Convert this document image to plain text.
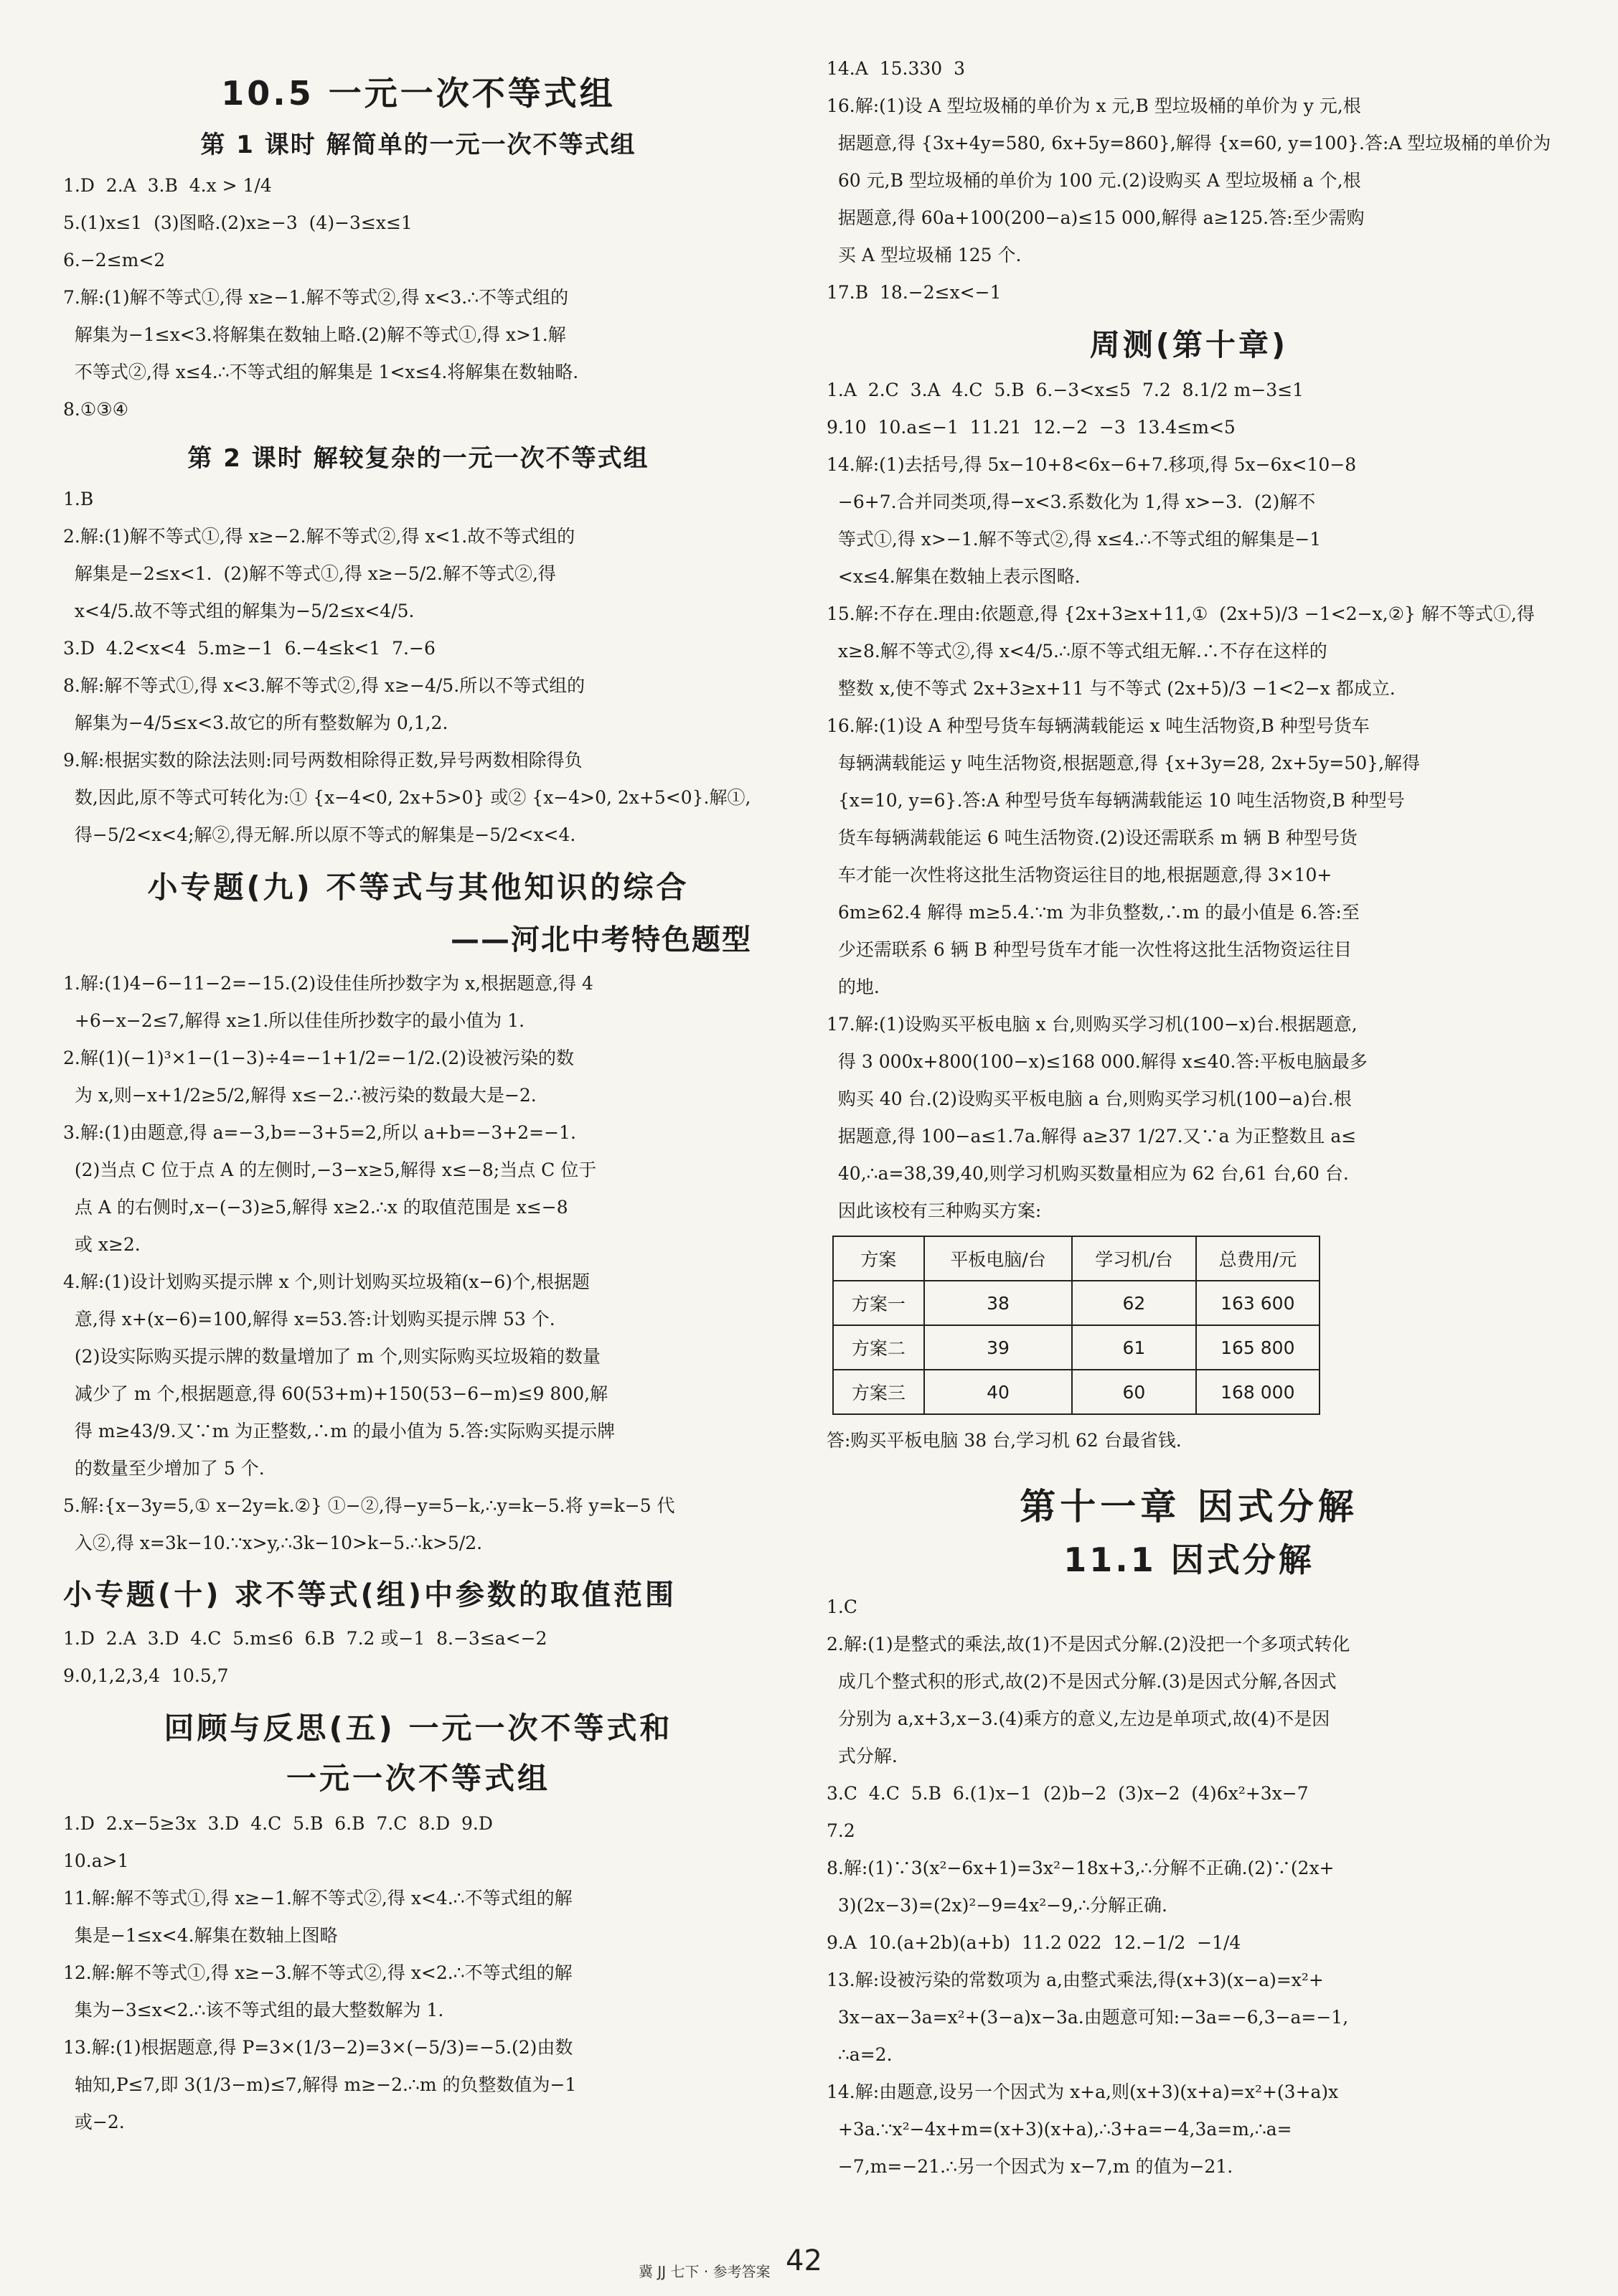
10.5 一元一次不等式组
第 1 课时 解简单的一元一次不等式组
1.D  2.A  3.B  4.x > 1/4
5.(1)x≤1  (3)图略.(2)x≥−3  (4)−3≤x≤1
6.−2≤m<2
7.解:(1)解不等式①,得 x≥−1.解不等式②,得 x<3.∴不等式组的
解集为−1≤x<3.将解集在数轴上略.(2)解不等式①,得 x>1.解
不等式②,得 x≤4.∴不等式组的解集是 1<x≤4.将解集在数轴略.
8.①③④
第 2 课时 解较复杂的一元一次不等式组
1.B
2.解:(1)解不等式①,得 x≥−2.解不等式②,得 x<1.故不等式组的
解集是−2≤x<1.  (2)解不等式①,得 x≥−5/2.解不等式②,得
x<4/5.故不等式组的解集为−5/2≤x<4/5.
3.D  4.2<x<4  5.m≥−1  6.−4≤k<1  7.−6
8.解:解不等式①,得 x<3.解不等式②,得 x≥−4/5.所以不等式组的
解集为−4/5≤x<3.故它的所有整数解为 0,1,2.
9.解:根据实数的除法法则:同号两数相除得正数,异号两数相除得负
数,因此,原不等式可转化为:① {x−4<0, 2x+5>0} 或② {x−4>0, 2x+5<0}.解①,
得−5/2<x<4;解②,得无解.所以原不等式的解集是−5/2<x<4.
小专题(九) 不等式与其他知识的综合
——河北中考特色题型
1.解:(1)4−6−11−2=−15.(2)设佳佳所抄数字为 x,根据题意,得 4
+6−x−2≤7,解得 x≥1.所以佳佳所抄数字的最小值为 1.
2.解(1)(−1)³×1−(1−3)÷4=−1+1/2=−1/2.(2)设被污染的数
为 x,则−x+1/2≥5/2,解得 x≤−2.∴被污染的数最大是−2.
3.解:(1)由题意,得 a=−3,b=−3+5=2,所以 a+b=−3+2=−1.
(2)当点 C 位于点 A 的左侧时,−3−x≥5,解得 x≤−8;当点 C 位于
点 A 的右侧时,x−(−3)≥5,解得 x≥2.∴x 的取值范围是 x≤−8
或 x≥2.
4.解:(1)设计划购买提示牌 x 个,则计划购买垃圾箱(x−6)个,根据题
意,得 x+(x−6)=100,解得 x=53.答:计划购买提示牌 53 个.
(2)设实际购买提示牌的数量增加了 m 个,则实际购买垃圾箱的数量
减少了 m 个,根据题意,得 60(53+m)+150(53−6−m)≤9 800,解
得 m≥43/9.又∵m 为正整数,∴m 的最小值为 5.答:实际购买提示牌
的数量至少增加了 5 个.
5.解:{x−3y=5,① x−2y=k.②} ①−②,得−y=5−k,∴y=k−5.将 y=k−5 代
入②,得 x=3k−10.∵x>y,∴3k−10>k−5.∴k>5/2.
小专题(十) 求不等式(组)中参数的取值范围
1.D  2.A  3.D  4.C  5.m≤6  6.B  7.2 或−1  8.−3≤a<−2
9.0,1,2,3,4  10.5,7
回顾与反思(五) 一元一次不等式和
一元一次不等式组
1.D  2.x−5≥3x  3.D  4.C  5.B  6.B  7.C  8.D  9.D
10.a>1
11.解:解不等式①,得 x≥−1.解不等式②,得 x<4.∴不等式组的解
集是−1≤x<4.解集在数轴上图略
12.解:解不等式①,得 x≥−3.解不等式②,得 x<2.∴不等式组的解
集为−3≤x<2.∴该不等式组的最大整数解为 1.
13.解:(1)根据题意,得 P=3×(1/3−2)=3×(−5/3)=−5.(2)由数
轴知,P≤7,即 3(1/3−m)≤7,解得 m≥−2.∴m 的负整数值为−1
或−2.
14.A  15.330  3
16.解:(1)设 A 型垃圾桶的单价为 x 元,B 型垃圾桶的单价为 y 元,根
据题意,得 {3x+4y=580, 6x+5y=860},解得 {x=60, y=100}.答:A 型垃圾桶的单价为
60 元,B 型垃圾桶的单价为 100 元.(2)设购买 A 型垃圾桶 a 个,根
据题意,得 60a+100(200−a)≤15 000,解得 a≥125.答:至少需购
买 A 型垃圾桶 125 个.
17.B  18.−2≤x<−1
周测(第十章)
1.A  2.C  3.A  4.C  5.B  6.−3<x≤5  7.2  8.1/2 m−3≤1
9.10  10.a≤−1  11.21  12.−2  −3  13.4≤m<5
14.解:(1)去括号,得 5x−10+8<6x−6+7.移项,得 5x−6x<10−8
−6+7.合并同类项,得−x<3.系数化为 1,得 x>−3.  (2)解不
等式①,得 x>−1.解不等式②,得 x≤4.∴不等式组的解集是−1
<x≤4.解集在数轴上表示图略.
15.解:不存在.理由:依题意,得 {2x+3≥x+11,①  (2x+5)/3 −1<2−x,②} 解不等式①,得
x≥8.解不等式②,得 x<4/5.∴原不等式组无解.∴不存在这样的
整数 x,使不等式 2x+3≥x+11 与不等式 (2x+5)/3 −1<2−x 都成立.
16.解:(1)设 A 种型号货车每辆满载能运 x 吨生活物资,B 种型号货车
每辆满载能运 y 吨生活物资,根据题意,得 {x+3y=28, 2x+5y=50},解得
{x=10, y=6}.答:A 种型号货车每辆满载能运 10 吨生活物资,B 种型号
货车每辆满载能运 6 吨生活物资.(2)设还需联系 m 辆 B 种型号货
车才能一次性将这批生活物资运往目的地,根据题意,得 3×10+
6m≥62.4 解得 m≥5.4.∵m 为非负整数,∴m 的最小值是 6.答:至
少还需联系 6 辆 B 种型号货车才能一次性将这批生活物资运往目
的地.
17.解:(1)设购买平板电脑 x 台,则购买学习机(100−x)台.根据题意,
得 3 000x+800(100−x)≤168 000.解得 x≤40.答:平板电脑最多
购买 40 台.(2)设购买平板电脑 a 台,则购买学习机(100−a)台.根
据题意,得 100−a≤1.7a.解得 a≥37 1/27.又∵a 为正整数且 a≤
40,∴a=38,39,40,则学习机购买数量相应为 62 台,61 台,60 台.
因此该校有三种购买方案:
方案	平板电脑/台	学习机/台	总费用/元
方案一	38	62	163 600
方案二	39	61	165 800
方案三	40	60	168 000
答:购买平板电脑 38 台,学习机 62 台最省钱.
第十一章 因式分解
11.1 因式分解
1.C
2.解:(1)是整式的乘法,故(1)不是因式分解.(2)没把一个多项式转化
成几个整式积的形式,故(2)不是因式分解.(3)是因式分解,各因式
分别为 a,x+3,x−3.(4)乘方的意义,左边是单项式,故(4)不是因
式分解.
3.C  4.C  5.B  6.(1)x−1  (2)b−2  (3)x−2  (4)6x²+3x−7
7.2
8.解:(1)∵3(x²−6x+1)=3x²−18x+3,∴分解不正确.(2)∵(2x+
3)(2x−3)=(2x)²−9=4x²−9,∴分解正确.
9.A  10.(a+2b)(a+b)  11.2 022  12.−1/2  −1/4
13.解:设被污染的常数项为 a,由整式乘法,得(x+3)(x−a)=x²+
3x−ax−3a=x²+(3−a)x−3a.由题意可知:−3a=−6,3−a=−1,
∴a=2.
14.解:由题意,设另一个因式为 x+a,则(x+3)(x+a)=x²+(3+a)x
+3a.∵x²−4x+m=(x+3)(x+a),∴3+a=−4,3a=m,∴a=
−7,m=−21.∴另一个因式为 x−7,m 的值为−21.
冀 JJ 七下 · 参考答案 42
